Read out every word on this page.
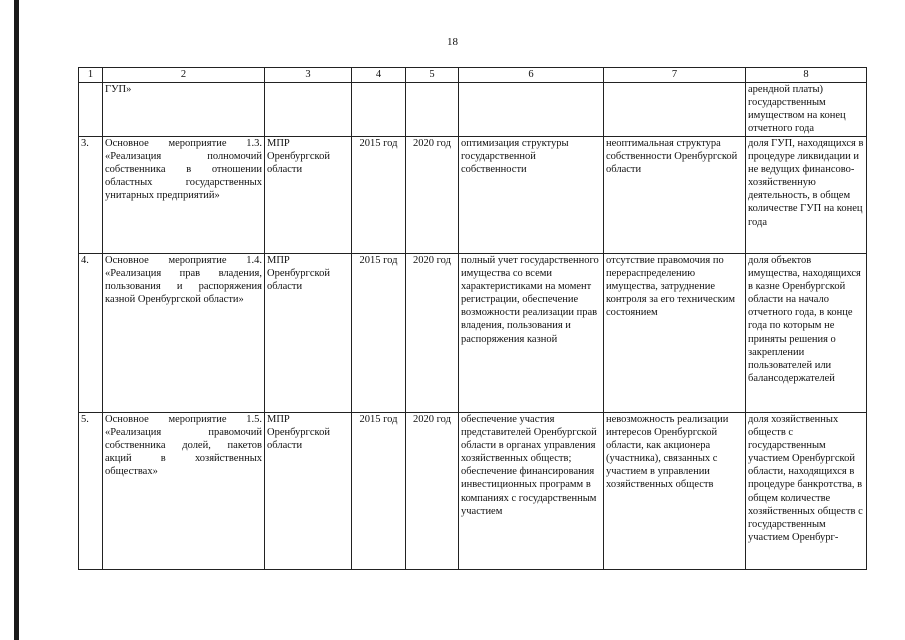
18
1	2	3	4	5	6	7	8
	ГУП»						арендной платы) государственным имуществом на конец отчетного года
3.	Основное мероприятие 1.3. «Реализация полномочий собственника в отношении областных государственных унитарных предприятий»	МПР Оренбургской области	2015 год	2020 год	оптимизация структуры государственной собственности	неоптимальная структура собственности Оренбургской области	доля ГУП, находящихся в процедуре ликвидации и не ведущих финансово-хозяйственную деятельность, в общем количестве ГУП на конец года
4.	Основное мероприятие 1.4. «Реализация прав владения, пользования и распоряжения казной Оренбургской области»	МПР Оренбургской области	2015 год	2020 год	полный учет государственного имущества со всеми характеристиками на момент регистрации, обеспечение возможности реализации прав владения, пользования и распоряжения казной	отсутствие правомочия по перераспределению имущества, затруднение контроля за его техническим состоянием	доля объектов имущества, находящихся в казне Оренбургской области на начало отчетного года, в конце года по которым не приняты решения о закреплении пользователей или балансодержателей
5.	Основное мероприятие 1.5. «Реализация правомочий собственника долей, пакетов акций в хозяйственных обществах»	МПР Оренбургской области	2015 год	2020 год	обеспечение участия представителей Оренбургской области в органах управления хозяйственных обществ; обеспечение финансирования инвестиционных программ в компаниях с государственным участием	невозможность реализации интересов Оренбургской области, как акционера (участника), связанных с участием в управлении хозяйственных обществ	доля хозяйственных обществ с государственным участием Оренбургской области, находящихся в процедуре банкротства, в общем количестве хозяйственных обществ с государственным участием Оренбург-
